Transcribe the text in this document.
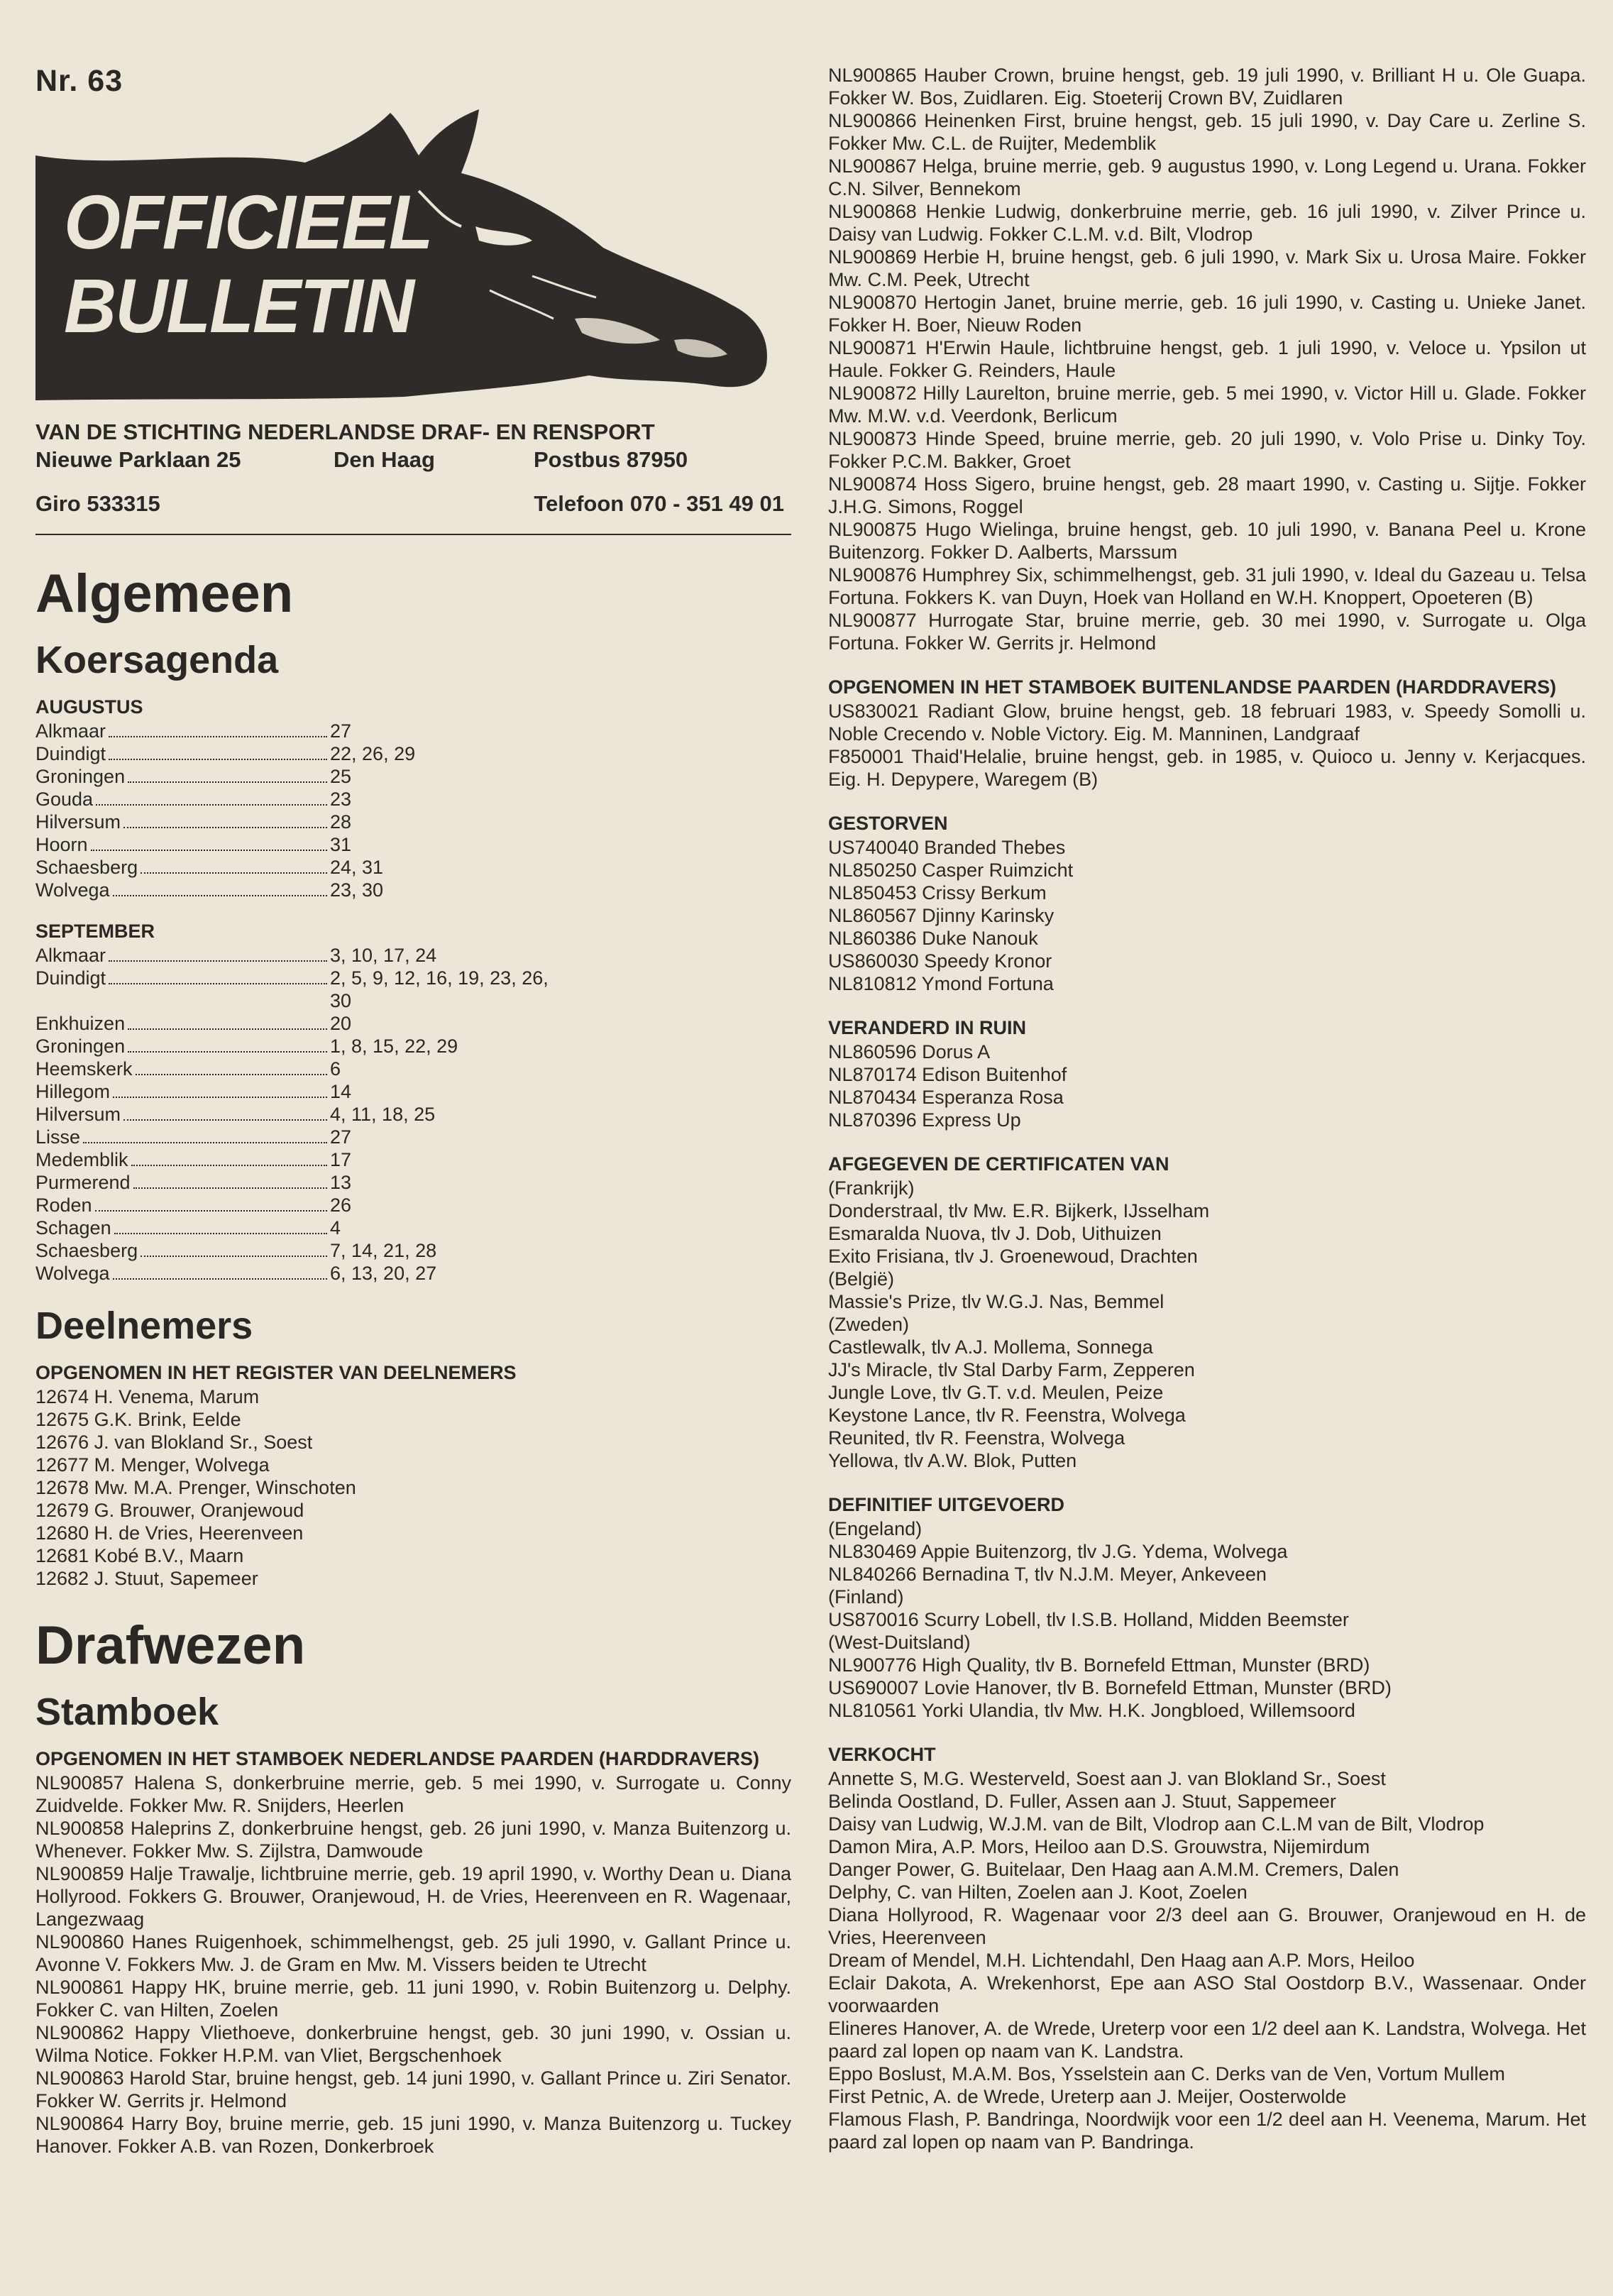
Nr. 63
OFFICIEEL
BULLETIN
VAN DE STICHTING NEDERLANDSE DRAF- EN RENSPORT
Nieuwe Parklaan 25	Den Haag	Postbus 87950
Giro 533315	Telefoon 070 - 351 49 01
Algemeen
Koersagenda
AUGUSTUS
Alkmaar	27
Duindigt	22, 26, 29
Groningen	25
Gouda	23
Hilversum	28
Hoorn	31
Schaesberg	24, 31
Wolvega	23, 30
SEPTEMBER
Alkmaar	3, 10, 17, 24
Duindigt	2, 5, 9, 12, 16, 19, 23, 26, 30
Enkhuizen	20
Groningen	1, 8, 15, 22, 29
Heemskerk	6
Hillegom	14
Hilversum	4, 11, 18, 25
Lisse	27
Medemblik	17
Purmerend	13
Roden	26
Schagen	4
Schaesberg	7, 14, 21, 28
Wolvega	6, 13, 20, 27
Deelnemers
OPGENOMEN IN HET REGISTER VAN DEELNEMERS
12674 H. Venema, Marum
12675 G.K. Brink, Eelde
12676 J. van Blokland Sr., Soest
12677 M. Menger, Wolvega
12678 Mw. M.A. Prenger, Winschoten
12679 G. Brouwer, Oranjewoud
12680 H. de Vries, Heerenveen
12681 Kobé B.V., Maarn
12682 J. Stuut, Sapemeer
Drafwezen
Stamboek
OPGENOMEN IN HET STAMBOEK NEDERLANDSE PAARDEN (HARDDRAVERS)
NL900857 Halena S, donkerbruine merrie, geb. 5 mei 1990, v. Surrogate u. Conny Zuidvelde. Fokker Mw. R. Snijders, Heerlen
NL900858 Haleprins Z, donkerbruine hengst, geb. 26 juni 1990, v. Manza Buitenzorg u. Whenever. Fokker Mw. S. Zijlstra, Damwoude
NL900859 Halje Trawalje, lichtbruine merrie, geb. 19 april 1990, v. Worthy Dean u. Diana Hollyrood. Fokkers G. Brouwer, Oranjewoud, H. de Vries, Heerenveen en R. Wagenaar, Langezwaag
NL900860 Hanes Ruigenhoek, schimmelhengst, geb. 25 juli 1990, v. Gallant Prince u. Avonne V. Fokkers Mw. J. de Gram en Mw. M. Vissers beiden te Utrecht
NL900861 Happy HK, bruine merrie, geb. 11 juni 1990, v. Robin Buitenzorg u. Delphy. Fokker C. van Hilten, Zoelen
NL900862 Happy Vliethoeve, donkerbruine hengst, geb. 30 juni 1990, v. Ossian u. Wilma Notice. Fokker H.P.M. van Vliet, Bergschenhoek
NL900863 Harold Star, bruine hengst, geb. 14 juni 1990, v. Gallant Prince u. Ziri Senator. Fokker W. Gerrits jr. Helmond
NL900864 Harry Boy, bruine merrie, geb. 15 juni 1990, v. Manza Buitenzorg u. Tuckey Hanover. Fokker A.B. van Rozen, Donkerbroek
NL900865 Hauber Crown, bruine hengst, geb. 19 juli 1990, v. Brilliant H u. Ole Guapa. Fokker W. Bos, Zuidlaren. Eig. Stoeterij Crown BV, Zuidlaren
NL900866 Heinenken First, bruine hengst, geb. 15 juli 1990, v. Day Care u. Zerline S. Fokker Mw. C.L. de Ruijter, Medemblik
NL900867 Helga, bruine merrie, geb. 9 augustus 1990, v. Long Legend u. Urana. Fokker C.N. Silver, Bennekom
NL900868 Henkie Ludwig, donkerbruine merrie, geb. 16 juli 1990, v. Zilver Prince u. Daisy van Ludwig. Fokker C.L.M. v.d. Bilt, Vlodrop
NL900869 Herbie H, bruine hengst, geb. 6 juli 1990, v. Mark Six u. Urosa Maire. Fokker Mw. C.M. Peek, Utrecht
NL900870 Hertogin Janet, bruine merrie, geb. 16 juli 1990, v. Casting u. Unieke Janet. Fokker H. Boer, Nieuw Roden
NL900871 H'Erwin Haule, lichtbruine hengst, geb. 1 juli 1990, v. Veloce u. Ypsilon ut Haule. Fokker G. Reinders, Haule
NL900872 Hilly Laurelton, bruine merrie, geb. 5 mei 1990, v. Victor Hill u. Glade. Fokker Mw. M.W. v.d. Veerdonk, Berlicum
NL900873 Hinde Speed, bruine merrie, geb. 20 juli 1990, v. Volo Prise u. Dinky Toy. Fokker P.C.M. Bakker, Groet
NL900874 Hoss Sigero, bruine hengst, geb. 28 maart 1990, v. Casting u. Sijtje. Fokker J.H.G. Simons, Roggel
NL900875 Hugo Wielinga, bruine hengst, geb. 10 juli 1990, v. Banana Peel u. Krone Buitenzorg. Fokker D. Aalberts, Marssum
NL900876 Humphrey Six, schimmelhengst, geb. 31 juli 1990, v. Ideal du Gazeau u. Telsa Fortuna. Fokkers K. van Duyn, Hoek van Holland en W.H. Knoppert, Opoeteren (B)
NL900877 Hurrogate Star, bruine merrie, geb. 30 mei 1990, v. Surrogate u. Olga Fortuna. Fokker W. Gerrits jr. Helmond
OPGENOMEN IN HET STAMBOEK BUITENLANDSE PAARDEN (HARDDRAVERS)
US830021 Radiant Glow, bruine hengst, geb. 18 februari 1983, v. Speedy Somolli u. Noble Crecendo v. Noble Victory. Eig. M. Manninen, Landgraaf
F850001 Thaid'Helalie, bruine hengst, geb. in 1985, v. Quioco u. Jenny v. Kerjacques. Eig. H. Depypere, Waregem (B)
GESTORVEN
US740040 Branded Thebes
NL850250 Casper Ruimzicht
NL850453 Crissy Berkum
NL860567 Djinny Karinsky
NL860386 Duke Nanouk
US860030 Speedy Kronor
NL810812 Ymond Fortuna
VERANDERD IN RUIN
NL860596 Dorus A
NL870174 Edison Buitenhof
NL870434 Esperanza Rosa
NL870396 Express Up
AFGEGEVEN DE CERTIFICATEN VAN
(Frankrijk)
Donderstraal, tlv Mw. E.R. Bijkerk, IJsselham
Esmaralda Nuova, tlv J. Dob, Uithuizen
Exito Frisiana, tlv J. Groenewoud, Drachten
(België)
Massie's Prize, tlv W.G.J. Nas, Bemmel
(Zweden)
Castlewalk, tlv A.J. Mollema, Sonnega
JJ's Miracle, tlv Stal Darby Farm, Zepperen
Jungle Love, tlv G.T. v.d. Meulen, Peize
Keystone Lance, tlv R. Feenstra, Wolvega
Reunited, tlv R. Feenstra, Wolvega
Yellowa, tlv A.W. Blok, Putten
DEFINITIEF UITGEVOERD
(Engeland)
NL830469 Appie Buitenzorg, tlv J.G. Ydema, Wolvega
NL840266 Bernadina T, tlv N.J.M. Meyer, Ankeveen
(Finland)
US870016 Scurry Lobell, tlv I.S.B. Holland, Midden Beemster
(West-Duitsland)
NL900776 High Quality, tlv B. Bornefeld Ettman, Munster (BRD)
US690007 Lovie Hanover, tlv B. Bornefeld Ettman, Munster (BRD)
NL810561 Yorki Ulandia, tlv Mw. H.K. Jongbloed, Willemsoord
VERKOCHT
Annette S, M.G. Westerveld, Soest aan J. van Blokland Sr., Soest
Belinda Oostland, D. Fuller, Assen aan J. Stuut, Sappemeer
Daisy van Ludwig, W.J.M. van de Bilt, Vlodrop aan C.L.M van de Bilt, Vlodrop
Damon Mira, A.P. Mors, Heiloo aan D.S. Grouwstra, Nijemirdum
Danger Power, G. Buitelaar, Den Haag aan A.M.M. Cremers, Dalen
Delphy, C. van Hilten, Zoelen aan J. Koot, Zoelen
Diana Hollyrood, R. Wagenaar voor 2/3 deel aan G. Brouwer, Oranjewoud en H. de Vries, Heerenveen
Dream of Mendel, M.H. Lichtendahl, Den Haag aan A.P. Mors, Heiloo
Eclair Dakota, A. Wrekenhorst, Epe aan ASO Stal Oostdorp B.V., Wassenaar. Onder voorwaarden
Elineres Hanover, A. de Wrede, Ureterp voor een 1/2 deel aan K. Landstra, Wolvega. Het paard zal lopen op naam van K. Landstra.
Eppo Boslust, M.A.M. Bos, Ysselstein aan C. Derks van de Ven, Vortum Mullem
First Petnic, A. de Wrede, Ureterp aan J. Meijer, Oosterwolde
Flamous Flash, P. Bandringa, Noordwijk voor een 1/2 deel aan H. Veenema, Marum. Het paard zal lopen op naam van P. Bandringa.
